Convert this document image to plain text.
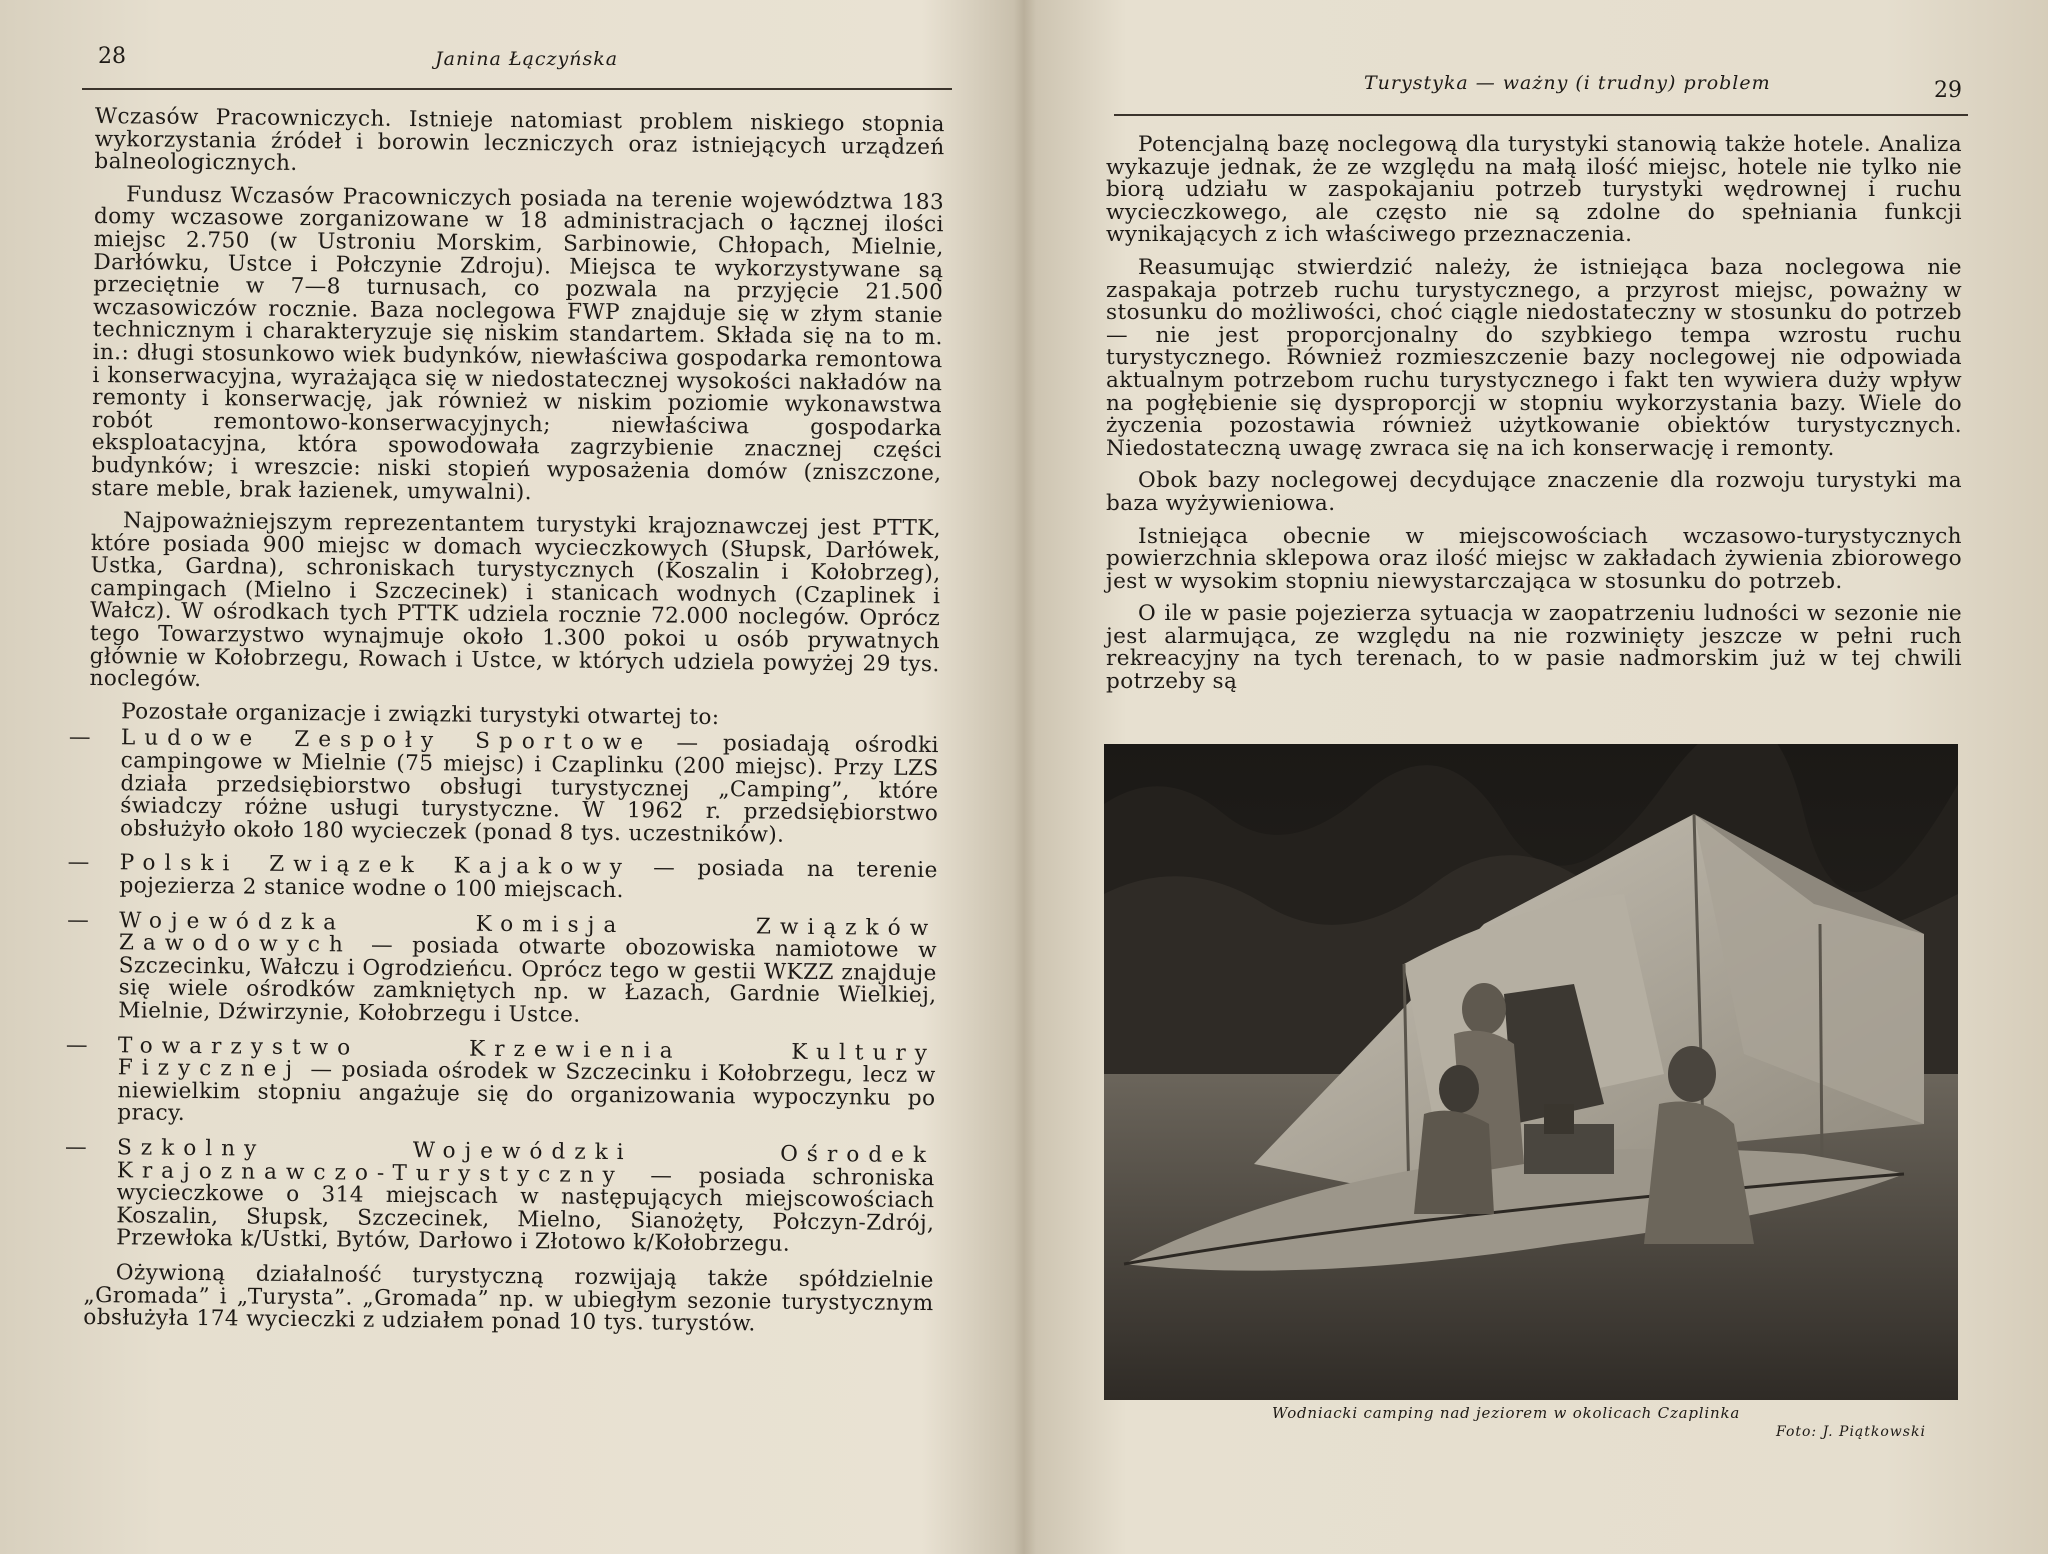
28	Janina Łączyńska

Wczasów Pracowniczych. Istnieje natomiast problem niskiego stopnia wykorzystania źródeł i borowin leczniczych oraz istniejących urządzeń balneologicznych.

Fundusz Wczasów Pracowniczych posiada na terenie województwa 183 domy wczasowe zorganizowane w 18 administracjach o łącznej ilości miejsc 2.750 (w Ustroniu Morskim, Sarbinowie, Chłopach, Mielnie, Darłówku, Ustce i Połczynie Zdroju). Miejsca te wykorzystywane są przeciętnie w 7—8 turnusach, co pozwala na przyjęcie 21.500 wczasowiczów rocznie. Baza noclegowa FWP znajduje się w złym stanie technicznym i charakteryzuje się niskim standartem. Składa się na to m. in.: długi stosunkowo wiek budynków, niewłaściwa gospodarka remontowa i konserwacyjna, wyrażająca się w niedostatecznej wysokości nakładów na remonty i konserwację, jak również w niskim poziomie wykonawstwa robót remontowo-konserwacyjnych; niewłaściwa gospodarka eksploatacyjna, która spowodowała zagrzybienie znacznej części budynków; i wreszcie: niski stopień wyposażenia domów (zniszczone, stare meble, brak łazienek, umywalni).

Najpoważniejszym reprezentantem turystyki krajoznawczej jest PTTK, które posiada 900 miejsc w domach wycieczkowych (Słupsk, Darłówek, Ustka, Gardna), schroniskach turystycznych (Koszalin i Kołobrzeg), campingach (Mielno i Szczecinek) i stanicach wodnych (Czaplinek i Wałcz). W ośrodkach tych PTTK udziela rocznie 72.000 noclegów. Oprócz tego Towarzystwo wynajmuje około 1.300 pokoi u osób prywatnych głównie w Kołobrzegu, Rowach i Ustce, w których udziela powyżej 29 tys. noclegów.

Pozostałe organizacje i związki turystyki otwartej to:

— Ludowe Zespoły Sportowe — posiadają ośrodki campingowe w Mielnie (75 miejsc) i Czaplinku (200 miejsc). Przy LZS działa przedsiębiorstwo obsługi turystycznej „Camping”, które świadczy różne usługi turystyczne. W 1962 r. przedsiębiorstwo obsłużyło około 180 wycieczek (ponad 8 tys. uczestników).
— Polski Związek Kajakowy — posiada na terenie pojezierza 2 stanice wodne o 100 miejscach.
— Wojewódzka Komisja Związków Zawodowych — posiada otwarte obozowiska namiotowe w Szczecinku, Wałczu i Ogrodzieńcu. Oprócz tego w gestii WKZZ znajduje się wiele ośrodków zamkniętych np. w Łazach, Gardnie Wielkiej, Mielnie, Dźwirzynie, Kołobrzegu i Ustce.
— Towarzystwo Krzewienia Kultury Fizycznej — posiada ośrodek w Szczecinku i Kołobrzegu, lecz w niewielkim stopniu angażuje się do organizowania wypoczynku po pracy.
— Szkolny Wojewódzki Ośrodek Krajoznawczo-Turystyczny — posiada schroniska wycieczkowe o 314 miejscach w następujących miejscowościach Koszalin, Słupsk, Szczecinek, Mielno, Sianożęty, Połczyn-Zdrój, Przewłoka k/Ustki, Bytów, Darłowo i Złotowo k/Kołobrzegu.

Ożywioną działalność turystyczną rozwijają także spółdzielnie „Gromada” i „Turysta”. „Gromada” np. w ubiegłym sezonie turystycznym obsłużyła 174 wycieczki z udziałem ponad 10 tys. turystów.

Turystyka — ważny (i trudny) problem	29

Potencjalną bazę noclegową dla turystyki stanowią także hotele. Analiza wykazuje jednak, że ze względu na małą ilość miejsc, hotele nie tylko nie biorą udziału w zaspokajaniu potrzeb turystyki wędrownej i ruchu wycieczkowego, ale często nie są zdolne do spełniania funkcji wynikających z ich właściwego przeznaczenia.

Reasumując stwierdzić należy, że istniejąca baza noclegowa nie zaspakaja potrzeb ruchu turystycznego, a przyrost miejsc, poważny w stosunku do możliwości, choć ciągle niedostateczny w stosunku do potrzeb — nie jest proporcjonalny do szybkiego tempa wzrostu ruchu turystycznego. Również rozmieszczenie bazy noclegowej nie odpowiada aktualnym potrzebom ruchu turystycznego i fakt ten wywiera duży wpływ na pogłębienie się dysproporcji w stopniu wykorzystania bazy. Wiele do życzenia pozostawia również użytkowanie obiektów turystycznych. Niedostateczną uwagę zwraca się na ich konserwację i remonty.

Obok bazy noclegowej decydujące znaczenie dla rozwoju turystyki ma baza wyżywieniowa.

Istniejąca obecnie w miejscowościach wczasowo-turystycznych powierzchnia sklepowa oraz ilość miejsc w zakładach żywienia zbiorowego jest w wysokim stopniu niewystarczająca w stosunku do potrzeb.

O ile w pasie pojezierza sytuacja w zaopatrzeniu ludności w sezonie nie jest alarmująca, ze względu na nie rozwinięty jeszcze w pełni ruch rekreacyjny na tych terenach, to w pasie nadmorskim już w tej chwili potrzeby są

Wodniacki camping nad jeziorem w okolicach Czaplinka
Foto: J. Piątkowski
